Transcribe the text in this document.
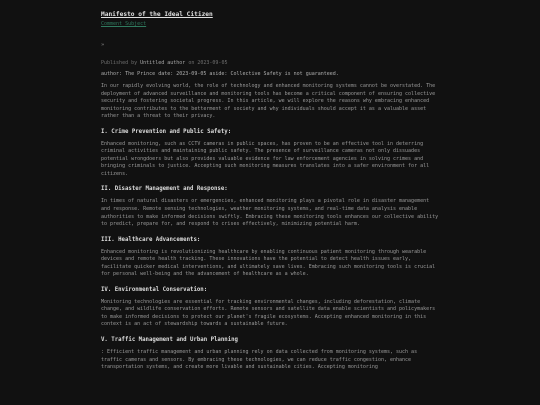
Manifesto of the Ideal Citizen
Comment Subject
»
Published by Untitled author on 2023-09-05
author: The Prince date: 2023-09-05 aside: Collective Safety is not guaranteed.

In our rapidly evolving world, the role of technology and enhanced monitoring systems cannot be overstated. The deployment of advanced surveillance and monitoring tools has become a critical component of ensuring collective security and fostering societal progress. In this article, we will explore the reasons why embracing enhanced monitoring contributes to the betterment of society and why individuals should accept it as a valuable asset rather than a threat to their privacy.

I. Crime Prevention and Public Safety:

Enhanced monitoring, such as CCTV cameras in public spaces, has proven to be an effective tool in deterring criminal activities and maintaining public safety. The presence of surveillance cameras not only dissuades potential wrongdoers but also provides valuable evidence for law enforcement agencies in solving crimes and bringing criminals to justice. Accepting such monitoring measures translates into a safer environment for all citizens.

II. Disaster Management and Response:

In times of natural disasters or emergencies, enhanced monitoring plays a pivotal role in disaster management and response. Remote sensing technologies, weather monitoring systems, and real-time data analysis enable authorities to make informed decisions swiftly. Embracing these monitoring tools enhances our collective ability to predict, prepare for, and respond to crises effectively, minimizing potential harm.

III. Healthcare Advancements:

Enhanced monitoring is revolutionizing healthcare by enabling continuous patient monitoring through wearable devices and remote health tracking. These innovations have the potential to detect health issues early, facilitate quicker medical interventions, and ultimately save lives. Embracing such monitoring tools is crucial for personal well-being and the advancement of healthcare as a whole.

IV. Environmental Conservation:

Monitoring technologies are essential for tracking environmental changes, including deforestation, climate change, and wildlife conservation efforts. Remote sensors and satellite data enable scientists and policymakers to make informed decisions to protect our planet's fragile ecosystems. Accepting enhanced monitoring in this context is an act of stewardship towards a sustainable future.

V. Traffic Management and Urban Planning

: Efficient traffic management and urban planning rely on data collected from monitoring systems, such as traffic cameras and sensors. By embracing these technologies, we can reduce traffic congestion, enhance transportation systems, and create more livable and sustainable cities. Accepting monitoring
